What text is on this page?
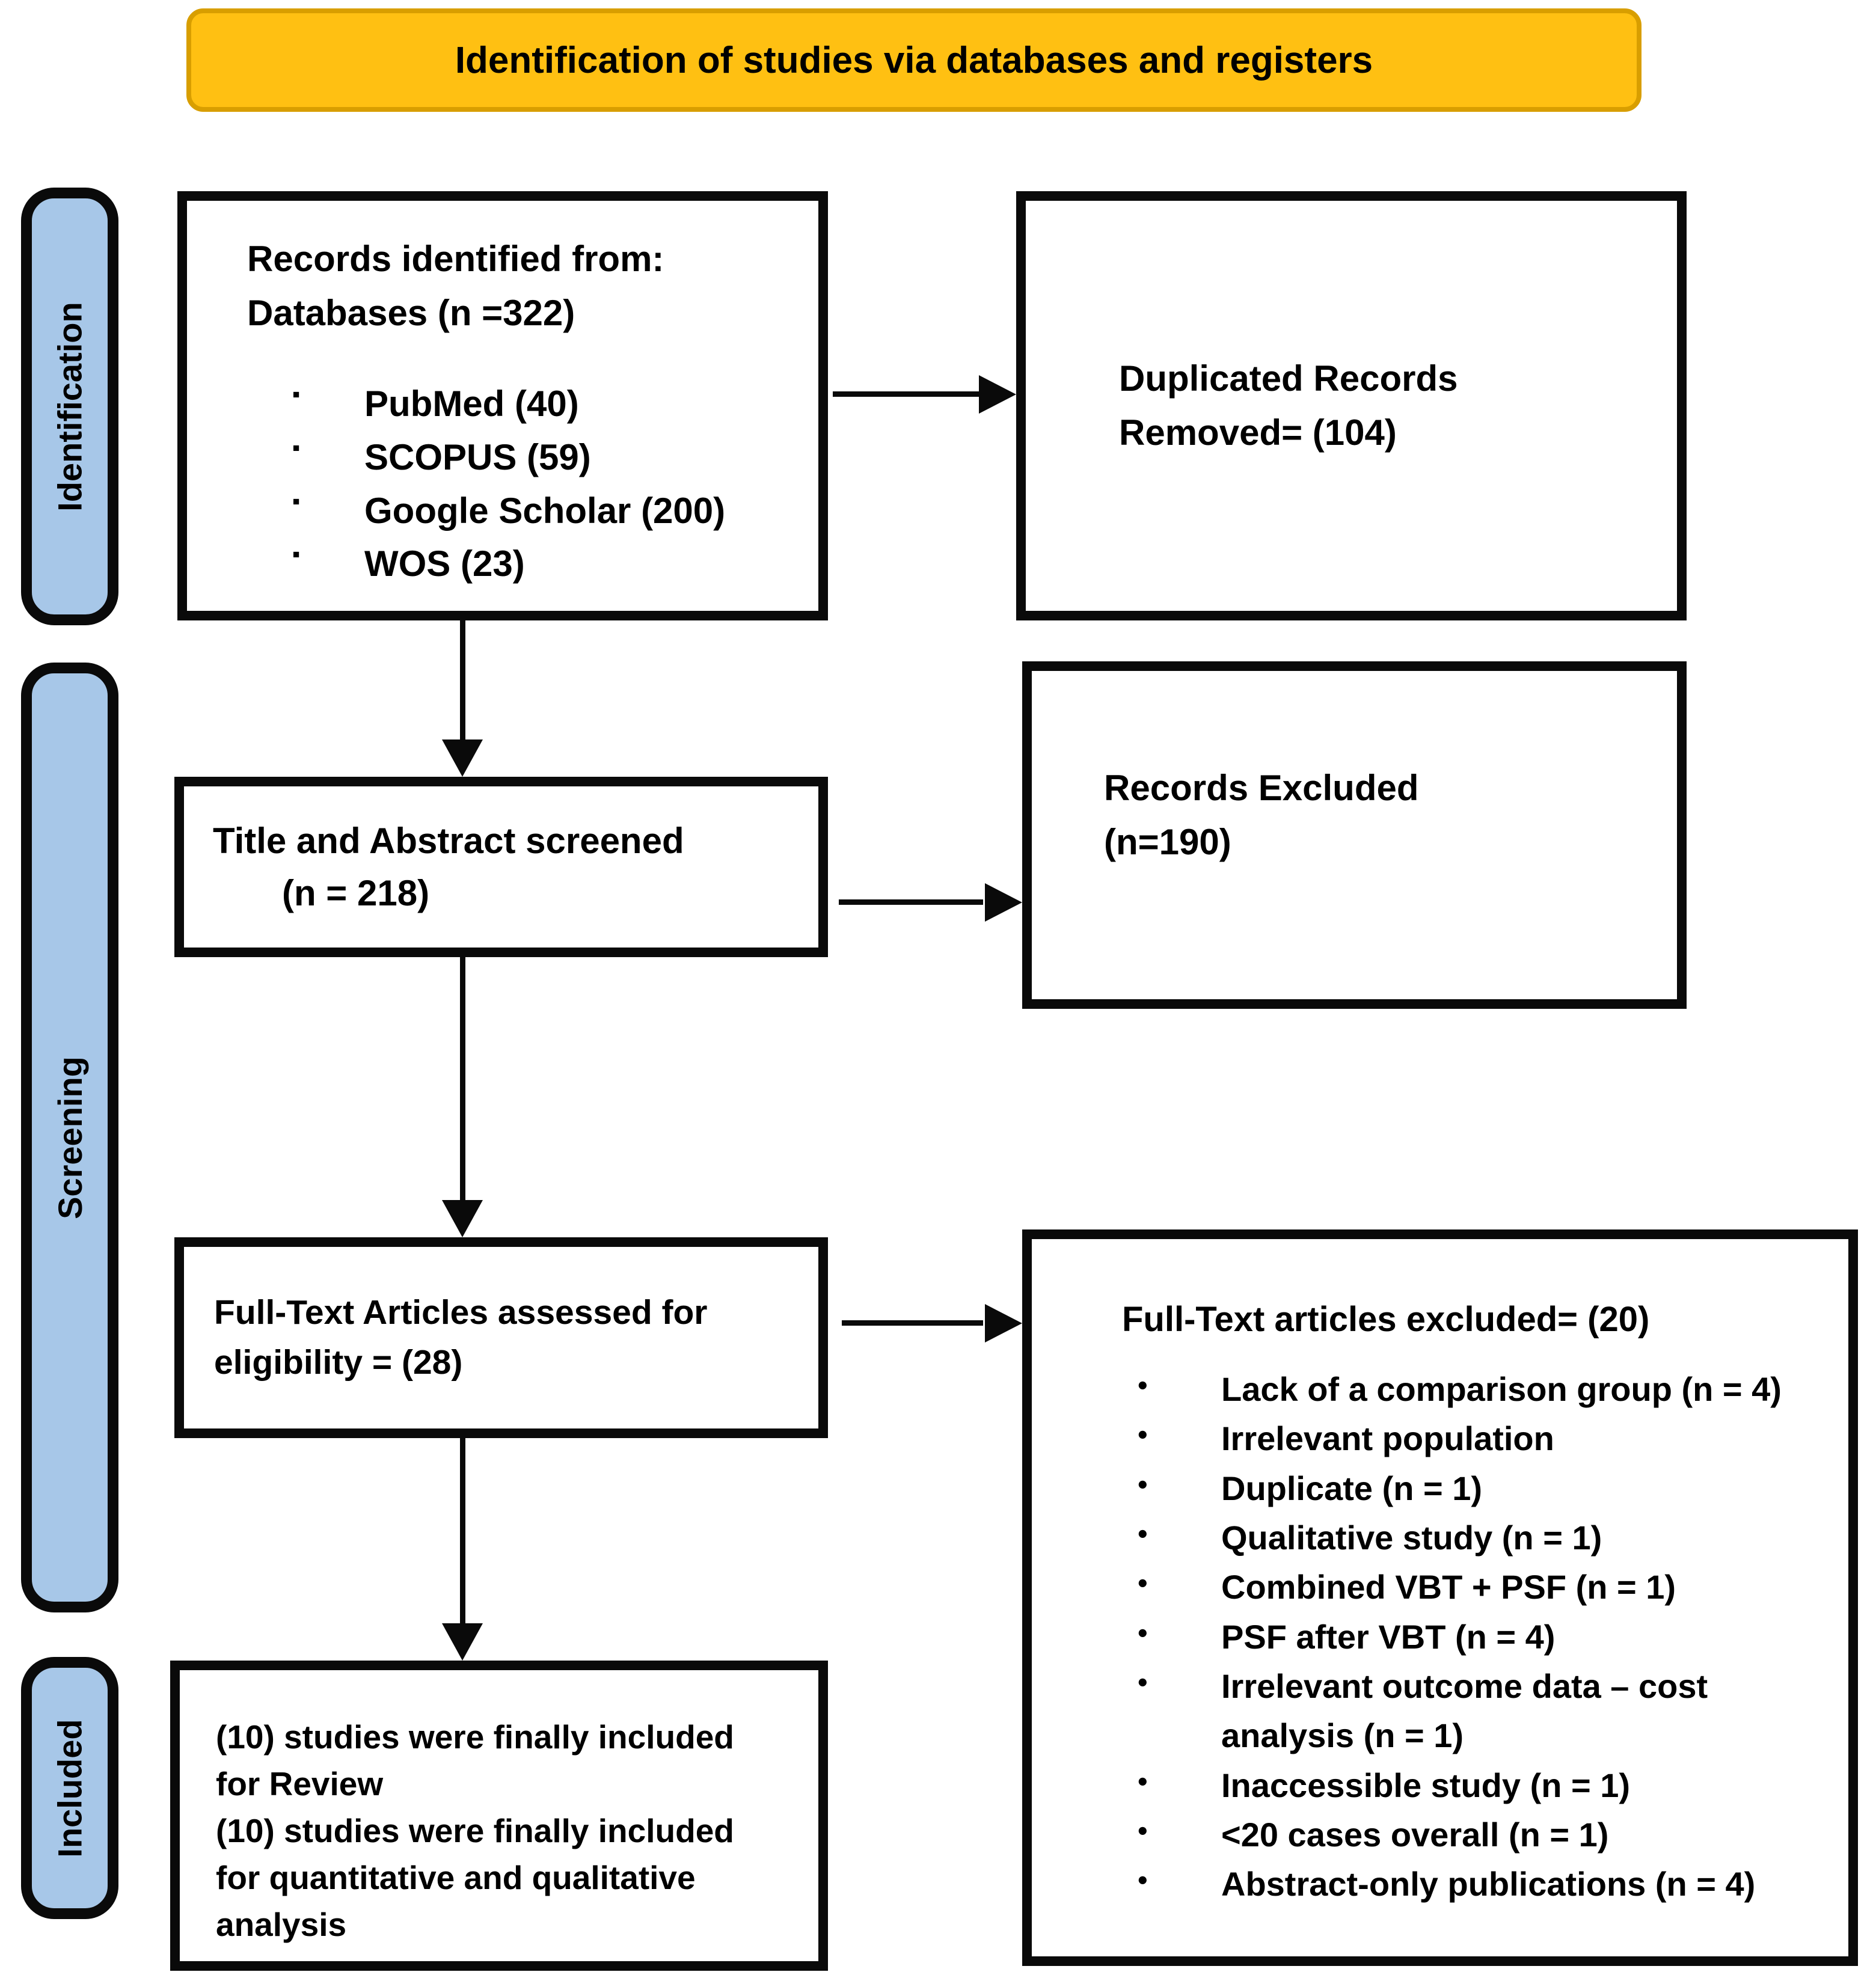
Identification of studies via databases and registers
Identification
Screening
Included
Records identified from:
Databases (n =322)
▪ PubMed (40)
▪ SCOPUS (59)
▪ Google Scholar (200)
▪ WOS (23)
Duplicated Records
Removed= (104)
Title and Abstract screened
(n = 218)
Records Excluded
(n=190)
Full-Text Articles assessed for
eligibility = (28)
Full-Text articles excluded= (20)
● Lack of a comparison group (n = 4)
● Irrelevant population
● Duplicate (n = 1)
● Qualitative study (n = 1)
● Combined VBT + PSF (n = 1)
● PSF after VBT (n = 4)
● Irrelevant outcome data – cost analysis (n = 1)
● Inaccessible study (n = 1)
● <20 cases overall (n = 1)
● Abstract-only publications (n = 4)
(10) studies were finally included
for Review
(10) studies were finally included
for quantitative and qualitative
analysis
